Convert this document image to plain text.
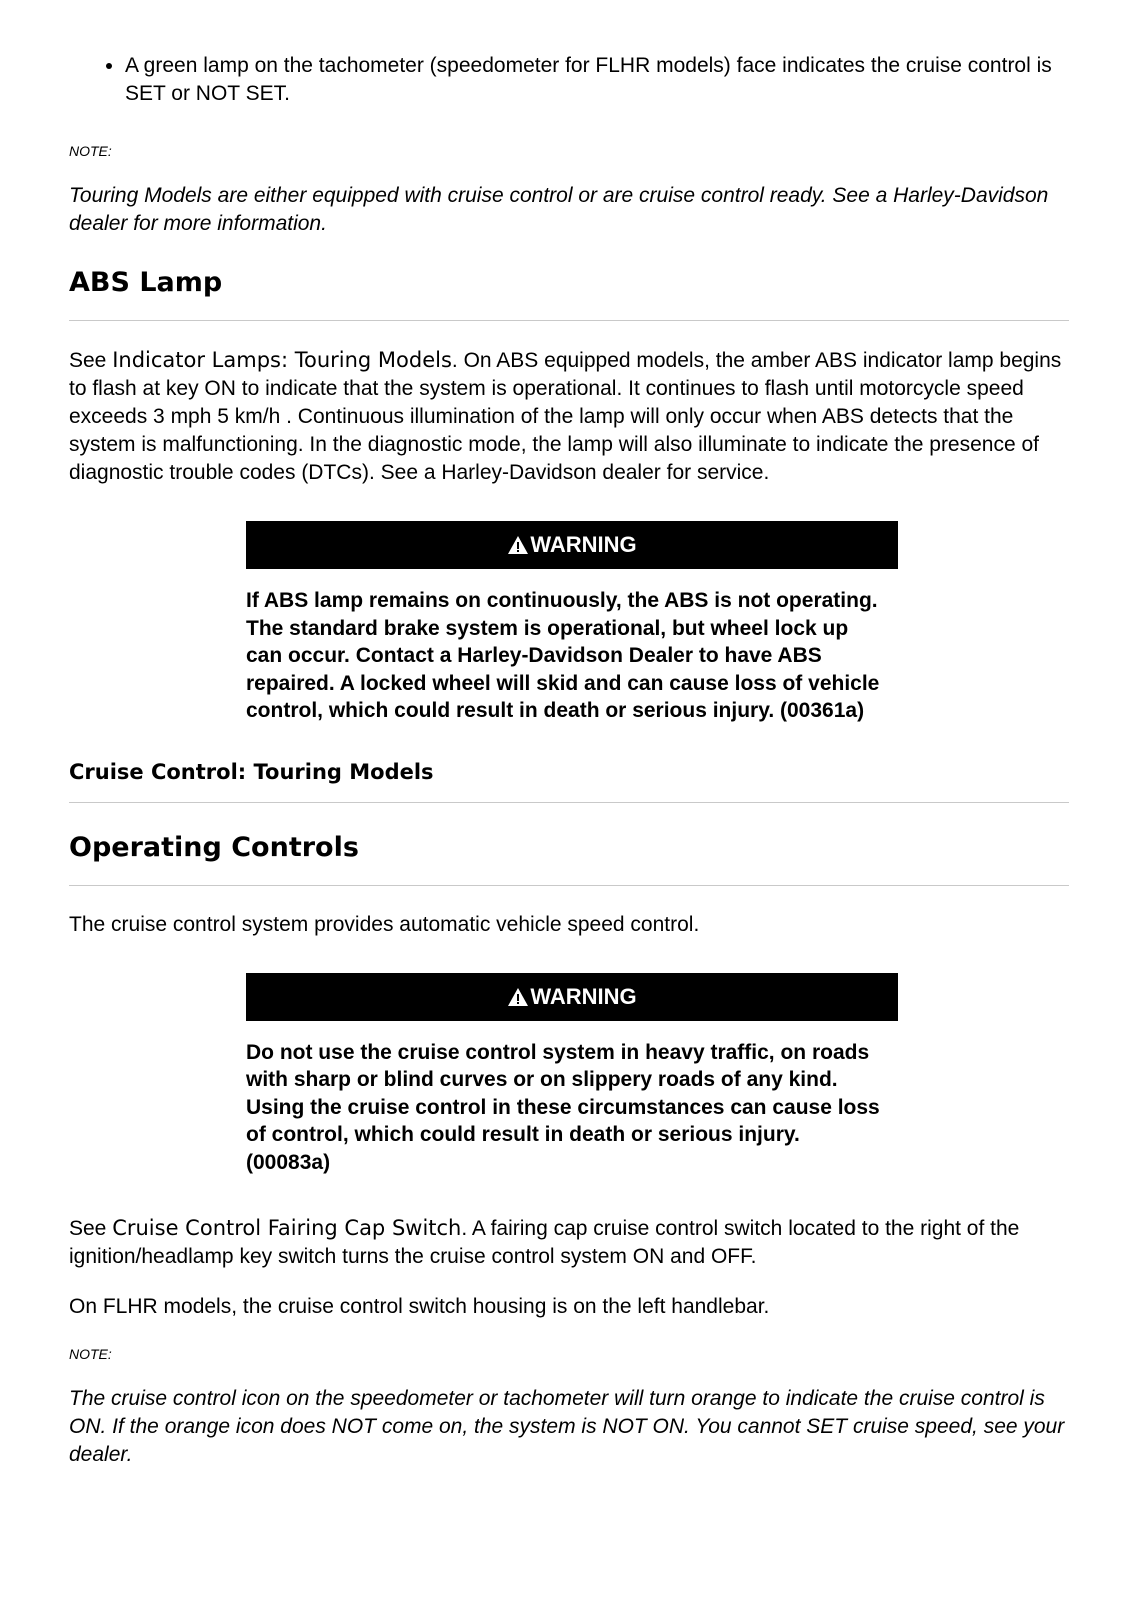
• A green lamp on the tachometer (speedometer for FLHR models) face indicates the cruise control is SET or NOT SET.
NOTE:
Touring Models are either equipped with cruise control or are cruise control ready. See a Harley-Davidson dealer for more information.
ABS Lamp
See Indicator Lamps: Touring Models. On ABS equipped models, the amber ABS indicator lamp begins to flash at key ON to indicate that the system is operational. It continues to flash until motorcycle speed exceeds 3 mph 5 km/h . Continuous illumination of the lamp will only occur when ABS detects that the system is malfunctioning. In the diagnostic mode, the lamp will also illuminate to indicate the presence of diagnostic trouble codes (DTCs). See a Harley-Davidson dealer for service.
WARNING
If ABS lamp remains on continuously, the ABS is not operating. The standard brake system is operational, but wheel lock up can occur. Contact a Harley-Davidson Dealer to have ABS repaired. A locked wheel will skid and can cause loss of vehicle control, which could result in death or serious injury. (00361a)
Cruise Control: Touring Models
Operating Controls
The cruise control system provides automatic vehicle speed control.
WARNING
Do not use the cruise control system in heavy traffic, on roads with sharp or blind curves or on slippery roads of any kind. Using the cruise control in these circumstances can cause loss of control, which could result in death or serious injury. (00083a)
See Cruise Control Fairing Cap Switch. A fairing cap cruise control switch located to the right of the ignition/headlamp key switch turns the cruise control system ON and OFF.
On FLHR models, the cruise control switch housing is on the left handlebar.
NOTE:
The cruise control icon on the speedometer or tachometer will turn orange to indicate the cruise control is ON. If the orange icon does NOT come on, the system is NOT ON. You cannot SET cruise speed, see your dealer.
